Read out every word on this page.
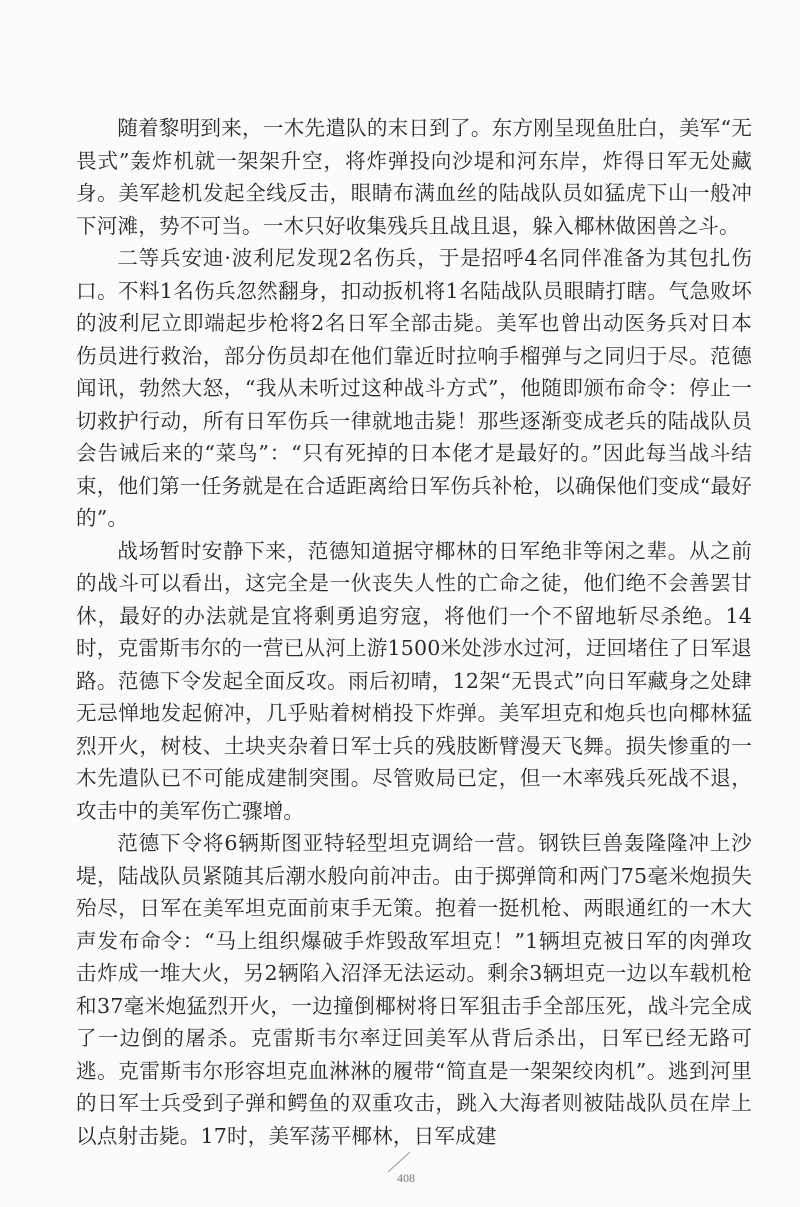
随着黎明到来，一木先遣队的末日到了。东方刚呈现鱼肚白，美军“无畏式”轰炸机就一架架升空，将炸弹投向沙堤和河东岸，炸得日军无处藏身。美军趁机发起全线反击，眼睛布满血丝的陆战队员如猛虎下山一般冲下河滩，势不可当。一木只好收集残兵且战且退，躲入椰林做困兽之斗。

二等兵安迪·波利尼发现2名伤兵，于是招呼4名同伴准备为其包扎伤口。不料1名伤兵忽然翻身，扣动扳机将1名陆战队员眼睛打瞎。气急败坏的波利尼立即端起步枪将2名日军全部击毙。美军也曾出动医务兵对日本伤员进行救治，部分伤员却在他们靠近时拉响手榴弹与之同归于尽。范德闻讯，勃然大怒，“我从未听过这种战斗方式”，他随即颁布命令：停止一切救护行动，所有日军伤兵一律就地击毙！那些逐渐变成老兵的陆战队员会告诫后来的“菜鸟”：“只有死掉的日本佬才是最好的。”因此每当战斗结束，他们第一任务就是在合适距离给日军伤兵补枪，以确保他们变成“最好的”。

战场暂时安静下来，范德知道据守椰林的日军绝非等闲之辈。从之前的战斗可以看出，这完全是一伙丧失人性的亡命之徒，他们绝不会善罢甘休，最好的办法就是宜将剩勇追穷寇，将他们一个不留地斩尽杀绝。14时，克雷斯韦尔的一营已从河上游1500米处涉水过河，迂回堵住了日军退路。范德下令发起全面反攻。雨后初晴，12架“无畏式”向日军藏身之处肆无忌惮地发起俯冲，几乎贴着树梢投下炸弹。美军坦克和炮兵也向椰林猛烈开火，树枝、土块夹杂着日军士兵的残肢断臂漫天飞舞。损失惨重的一木先遣队已不可能成建制突围。尽管败局已定，但一木率残兵死战不退，攻击中的美军伤亡骤增。

范德下令将6辆斯图亚特轻型坦克调给一营。钢铁巨兽轰隆隆冲上沙堤，陆战队员紧随其后潮水般向前冲击。由于掷弹筒和两门75毫米炮损失殆尽，日军在美军坦克面前束手无策。抱着一挺机枪、两眼通红的一木大声发布命令：“马上组织爆破手炸毁敌军坦克！”1辆坦克被日军的肉弹攻击炸成一堆大火，另2辆陷入沼泽无法运动。剩余3辆坦克一边以车载机枪和37毫米炮猛烈开火，一边撞倒椰树将日军狙击手全部压死，战斗完全成了一边倒的屠杀。克雷斯韦尔率迂回美军从背后杀出，日军已经无路可逃。克雷斯韦尔形容坦克血淋淋的履带“简直是一架架绞肉机”。逃到河里的日军士兵受到子弹和鳄鱼的双重攻击，跳入大海者则被陆战队员在岸上以点射击毙。17时，美军荡平椰林，日军成建

408
